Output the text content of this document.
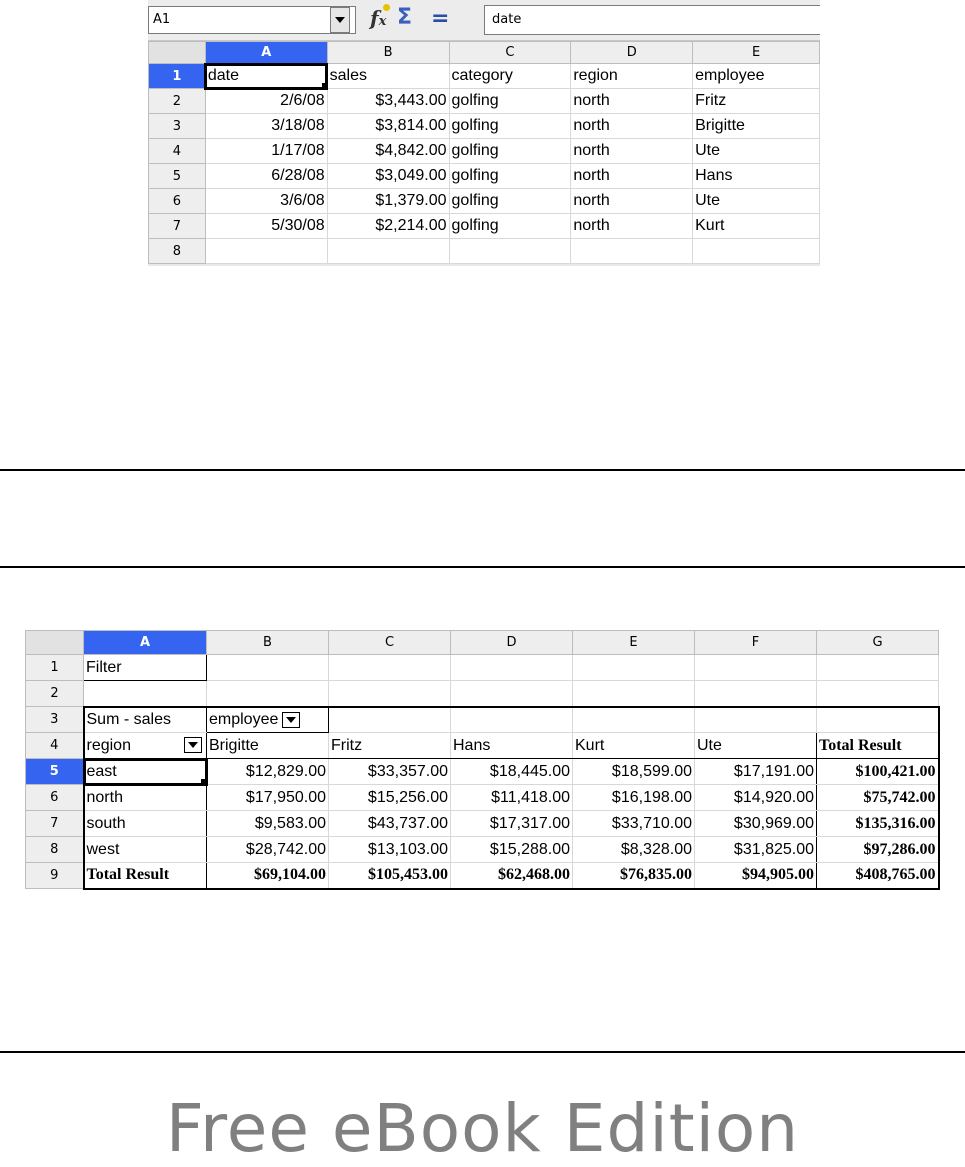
A1	fx Σ =	date
	A	B	C	D	E
1	date	sales	category	region	employee
2	2/6/08	$3,443.00	golfing	north	Fritz
3	3/18/08	$3,814.00	golfing	north	Brigitte
4	1/17/08	$4,842.00	golfing	north	Ute
5	6/28/08	$3,049.00	golfing	north	Hans
6	3/6/08	$1,379.00	golfing	north	Ute
7	5/30/08	$2,214.00	golfing	north	Kurt
8					
	A	B	C	D	E	F	G
1	Filter						
2							
3	Sum - sales	employee

4	region	Brigitte	Fritz	Hans	Kurt	Ute	Total Result
5	east	$12,829.00	$33,357.00	$18,445.00	$18,599.00	$17,191.00	$100,421.00
6	north	$17,950.00	$15,256.00	$11,418.00	$16,198.00	$14,920.00	$75,742.00
7	south	$9,583.00	$43,737.00	$17,317.00	$33,710.00	$30,969.00	$135,316.00
8	west	$28,742.00	$13,103.00	$15,288.00	$8,328.00	$31,825.00	$97,286.00
9	Total Result	$69,104.00	$105,453.00	$62,468.00	$76,835.00	$94,905.00	$408,765.00
Free eBook Edition
